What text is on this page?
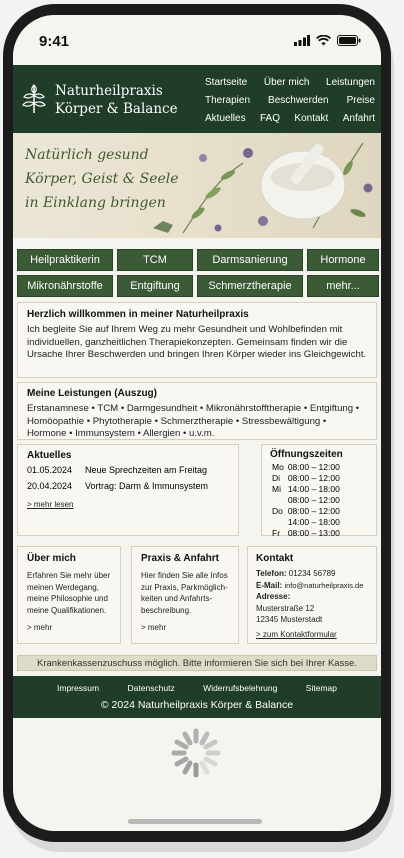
9:41
Naturheilpraxis
Körper & Balance
Startseite Über mich Leistungen
Therapien Beschwerden Preise
Aktuelles FAQ Kontakt Anfahrt
Natürlich gesund
Körper, Geist & Seele
in Einklang bringen
Heilpraktikerin	TCM	Darmsanierung	Hormone
Mikronährstoffe	Entgiftung	Schmerztherapie	mehr...
Herzlich willkommen in meiner Naturheilpraxis

Ich begleite Sie auf Ihrem Weg zu mehr Gesundheit und Wohlbefinden mit individuellen, ganzheitlichen Therapiekonzepten. Gemeinsam finden wir die Ursache Ihrer Beschwerden und bringen Ihren Körper wieder ins Gleichgewicht.

Meine Leistungen (Auszug)

Erstanamnese • TCM • Darmgesundheit • Mikronährstofftherapie • Entgiftung • Homöopathie • Phytotherapie • Schmerztherapie • Stressbewältigung • Hormone • Immunsystem • Allergien • u.v.m.

Aktuelles
01.05.2024	Neue Sprechzeiten am Freitag
20.04.2024	Vortrag: Darm & Immunsystem
> mehr lesen
Öffnungszeiten
Mo	08:00 – 12:00
Di	08:00 – 12:00
Mi	14:00 – 18:00
	08:00 – 12:00
Do	08:00 – 12:00
	14:00 – 18:00
Fr	08:00 – 13:00
Über mich
Erfahren Sie mehr über meinen Werdegang, meine Philosophie und meine Qualifikationen.
> mehr
Praxis & Anfahrt
Hier finden Sie alle Infos zur Praxis, Parkmöglich-keiten und Anfahrts-beschreibung.
> mehr
Kontakt
Telefon: 01234 56789
E-Mail: info@naturheilpraxis.de
Adresse:
Musterstraße 12
12345 Musterstadt
> zum Kontaktformular
Krankenkassenzuschuss möglich. Bitte informieren Sie sich bei Ihrer Kasse.
Impressum	Datenschutz	Widerrufsbelehrung	Sitemap
© 2024 Naturheilpraxis Körper & Balance
